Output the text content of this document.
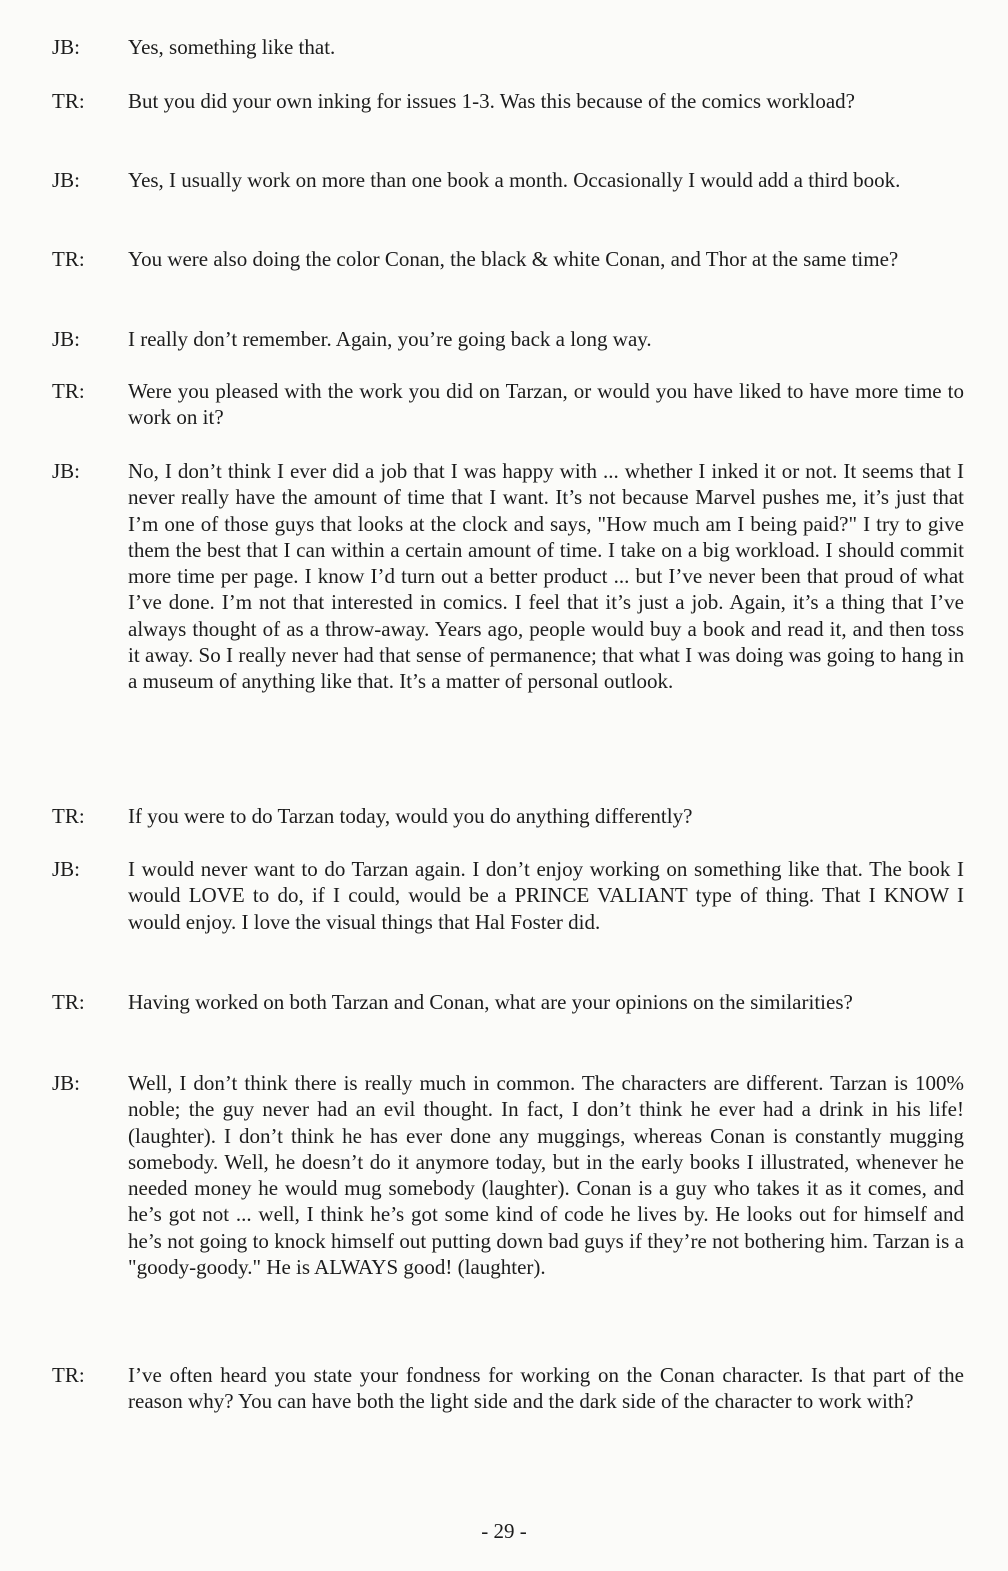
JB: Yes, something like that.
TR: But you did your own inking for issues 1-3. Was this because of the comics workload?
JB: Yes, I usually work on more than one book a month. Occasionally I would add a third book.
TR: You were also doing the color Conan, the black & white Conan, and Thor at the same time?
JB: I really don’t remember. Again, you’re going back a long way.
TR: Were you pleased with the work you did on Tarzan, or would you have liked to have more time to work on it?
JB: No, I don’t think I ever did a job that I was happy with ... whether I inked it or not. It seems that I never really have the amount of time that I want. It’s not because Marvel pushes me, it’s just that I’m one of those guys that looks at the clock and says, "How much am I being paid?" I try to give them the best that I can within a certain amount of time. I take on a big workload. I should commit more time per page. I know I’d turn out a better product ... but I’ve never been that proud of what I’ve done. I’m not that interested in comics. I feel that it’s just a job. Again, it’s a thing that I’ve always thought of as a throw-away. Years ago, people would buy a book and read it, and then toss it away. So I really never had that sense of permanence; that what I was doing was going to hang in a museum of anything like that. It’s a matter of personal outlook.
TR: If you were to do Tarzan today, would you do anything differently?
JB: I would never want to do Tarzan again. I don’t enjoy working on something like that. The book I would LOVE to do, if I could, would be a PRINCE VALIANT type of thing. That I KNOW I would enjoy. I love the visual things that Hal Foster did.
TR: Having worked on both Tarzan and Conan, what are your opinions on the similarities?
JB: Well, I don’t think there is really much in common. The characters are different. Tarzan is 100% noble; the guy never had an evil thought. In fact, I don’t think he ever had a drink in his life! (laughter). I don’t think he has ever done any muggings, whereas Conan is constantly mugging somebody. Well, he doesn’t do it anymore today, but in the early books I illustrated, whenever he needed money he would mug somebody (laughter). Conan is a guy who takes it as it comes, and he’s got not ... well, I think he’s got some kind of code he lives by. He looks out for himself and he’s not going to knock himself out putting down bad guys if they’re not bothering him. Tarzan is a "goody-goody." He is ALWAYS good! (laughter).
TR: I’ve often heard you state your fondness for working on the Conan character. Is that part of the reason why? You can have both the light side and the dark side of the character to work with?
- 29 -
